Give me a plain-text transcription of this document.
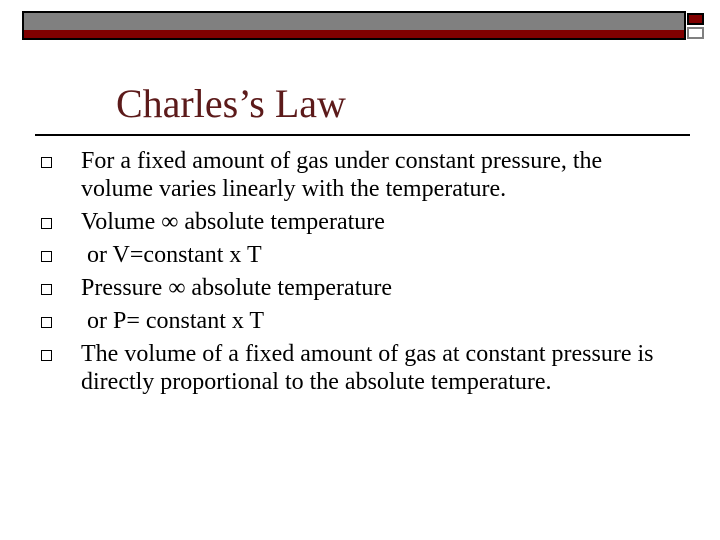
Charles’s Law
For a fixed amount of gas under constant pressure, the volume varies linearly with the temperature.
Volume ∞ absolute temperature
or V=constant x T
Pressure ∞ absolute temperature
or P= constant x T
The volume of a fixed amount of gas at constant pressure is directly proportional to the absolute temperature.
